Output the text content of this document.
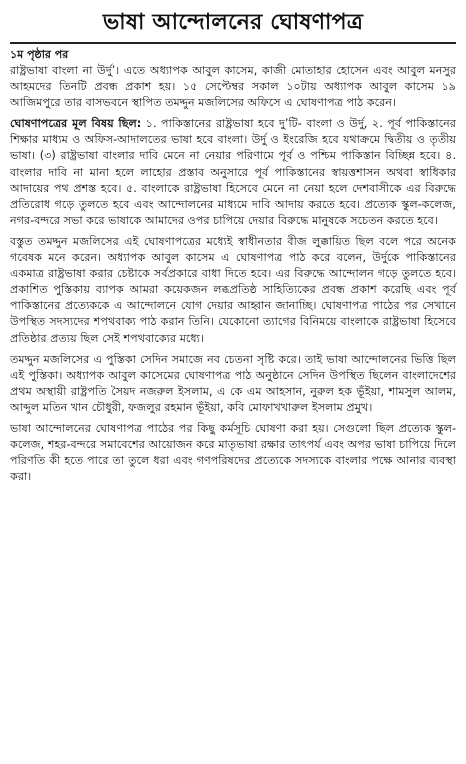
ভাষা আন্দোলনের ঘোষণাপত্র
১ম পৃষ্ঠার পর

রাষ্ট্রভাষা বাংলা না উর্দু’। এতে অধ্যাপক আবুল কাসেম, কাজী মোতাহার হোসেন এবং আবুল মনসুর আহমদের তিনটি প্রবন্ধ প্রকাশ হয়। ১৫ সেপ্টেম্বর সকাল ১০টায় অধ্যাপক আবুল কাসেম ১৯ আজিমপুরে তার বাসভবনে স্থাপিত তমদ্দুন মজলিসের অফিসে এ ঘোষণাপত্র পাঠ করেন।

ঘোষণাপত্রের মূল বিষয় ছিল: ১. পাকিস্তানের রাষ্ট্রভাষা হবে দু’টি- বাংলা ও উর্দু, ২. পূর্ব পাকিস্তানের শিক্ষার মাধ্যম ও অফিস-আদালতের ভাষা হবে বাংলা। উর্দু ও ইংরেজি হবে যথাক্রমে দ্বিতীয় ও তৃতীয় ভাষা। (৩) রাষ্ট্রভাষা বাংলার দাবি মেনে না নেয়ার পরিণামে পূর্ব ও পশ্চিম পাকিস্তান বিচ্ছিন্ন হবে। ৪. বাংলার দাবি না মানা হলে লাহোর প্রস্তাব অনুসারে পূর্ব পাকিস্তানের স্বায়ত্তশাসন অথবা স্বাধিকার আদায়ের পথ প্রশস্ত হবে। ৫. বাংলাকে রাষ্ট্রভাষা হিসেবে মেনে না নেয়া হলে দেশবাসীকে এর বিরুদ্ধে প্রতিরোধ গড়ে তুলতে হবে এবং আন্দোলনের মাধ্যমে দাবি আদায় করতে হবে। প্রত্যেক স্কুল-কলেজ, নগর-বন্দরে সভা করে ভাষাকে আমাদের ওপর চাপিয়ে দেয়ার বিরুদ্ধে মানুষকে সচেতন করতে হবে।

বস্তুত তমদ্দুন মজলিসের এই ঘোষণাপত্রের মধ্যেই স্বাধীনতার বীজ লুক্কায়িত ছিল বলে পরে অনেক গবেষক মনে করেন। অধ্যাপক আবুল কাসেম এ ঘোষণাপত্র পাঠ করে বলেন, উর্দুকে পাকিস্তানের একমাত্র রাষ্ট্রভাষা করার চেষ্টাকে সর্বপ্রকারে বাধা দিতে হবে। এর বিরুদ্ধে আন্দোলন গড়ে তুলতে হবে। প্রকাশিত পুস্তিকায় ব্যাপক আমরা কয়েকজন লব্ধপ্রতিষ্ঠ সাহিত্যিকের প্রবন্ধ প্রকাশ করেছি এবং পূর্ব পাকিস্তানের প্রত্যেককে এ আন্দোলনে যোগ দেয়ার আহ্বান জানাচ্ছি। ঘোষণাপত্র পাঠের পর সেখানে উপস্থিত সদস্যদের শপথবাক্য পাঠ করান তিনি। যেকোনো ত্যাগের বিনিময়ে বাংলাকে রাষ্ট্রভাষা হিসেবে প্রতিষ্ঠার প্রত্যয় ছিল সেই শপথবাক্যের মধ্যে।

তমদ্দুন মজলিসের এ পুস্তিকা সেদিন সমাজে নব চেতনা সৃষ্টি করে। তাই ভাষা আন্দোলনের ভিত্তি ছিল এই পুস্তিকা। অধ্যাপক আবুল কাসেমের ঘোষণাপত্র পাঠ অনুষ্ঠানে সেদিন উপস্থিত ছিলেন বাংলাদেশের প্রথম অস্থায়ী রাষ্ট্রপতি সৈয়দ নজরুল ইসলাম, এ কে এম আহসান, নুরুল হক ভূঁইয়া, শামসুল আলম, আব্দুল মতিন খান চৌধুরী, ফজলুর রহমান ভূঁইয়া, কবি মোফাখখারুল ইসলাম প্রমুখ।

ভাষা আন্দোলনের ঘোষণাপত্র পাঠের পর কিছু কর্মসূচি ঘোষণা করা হয়। সেগুলো ছিল প্রত্যেক স্কুল-কলেজ, শহর-বন্দরে সমাবেশের আয়োজন করে মাতৃভাষা রক্ষার তাৎপর্য এবং অপর ভাষা চাপিয়ে দিলে পরিণতি কী হতে পারে তা তুলে ধরা এবং গণপরিষদের প্রত্যেকে সদস্যকে বাংলার পক্ষে আনার ব্যবস্থা করা।
